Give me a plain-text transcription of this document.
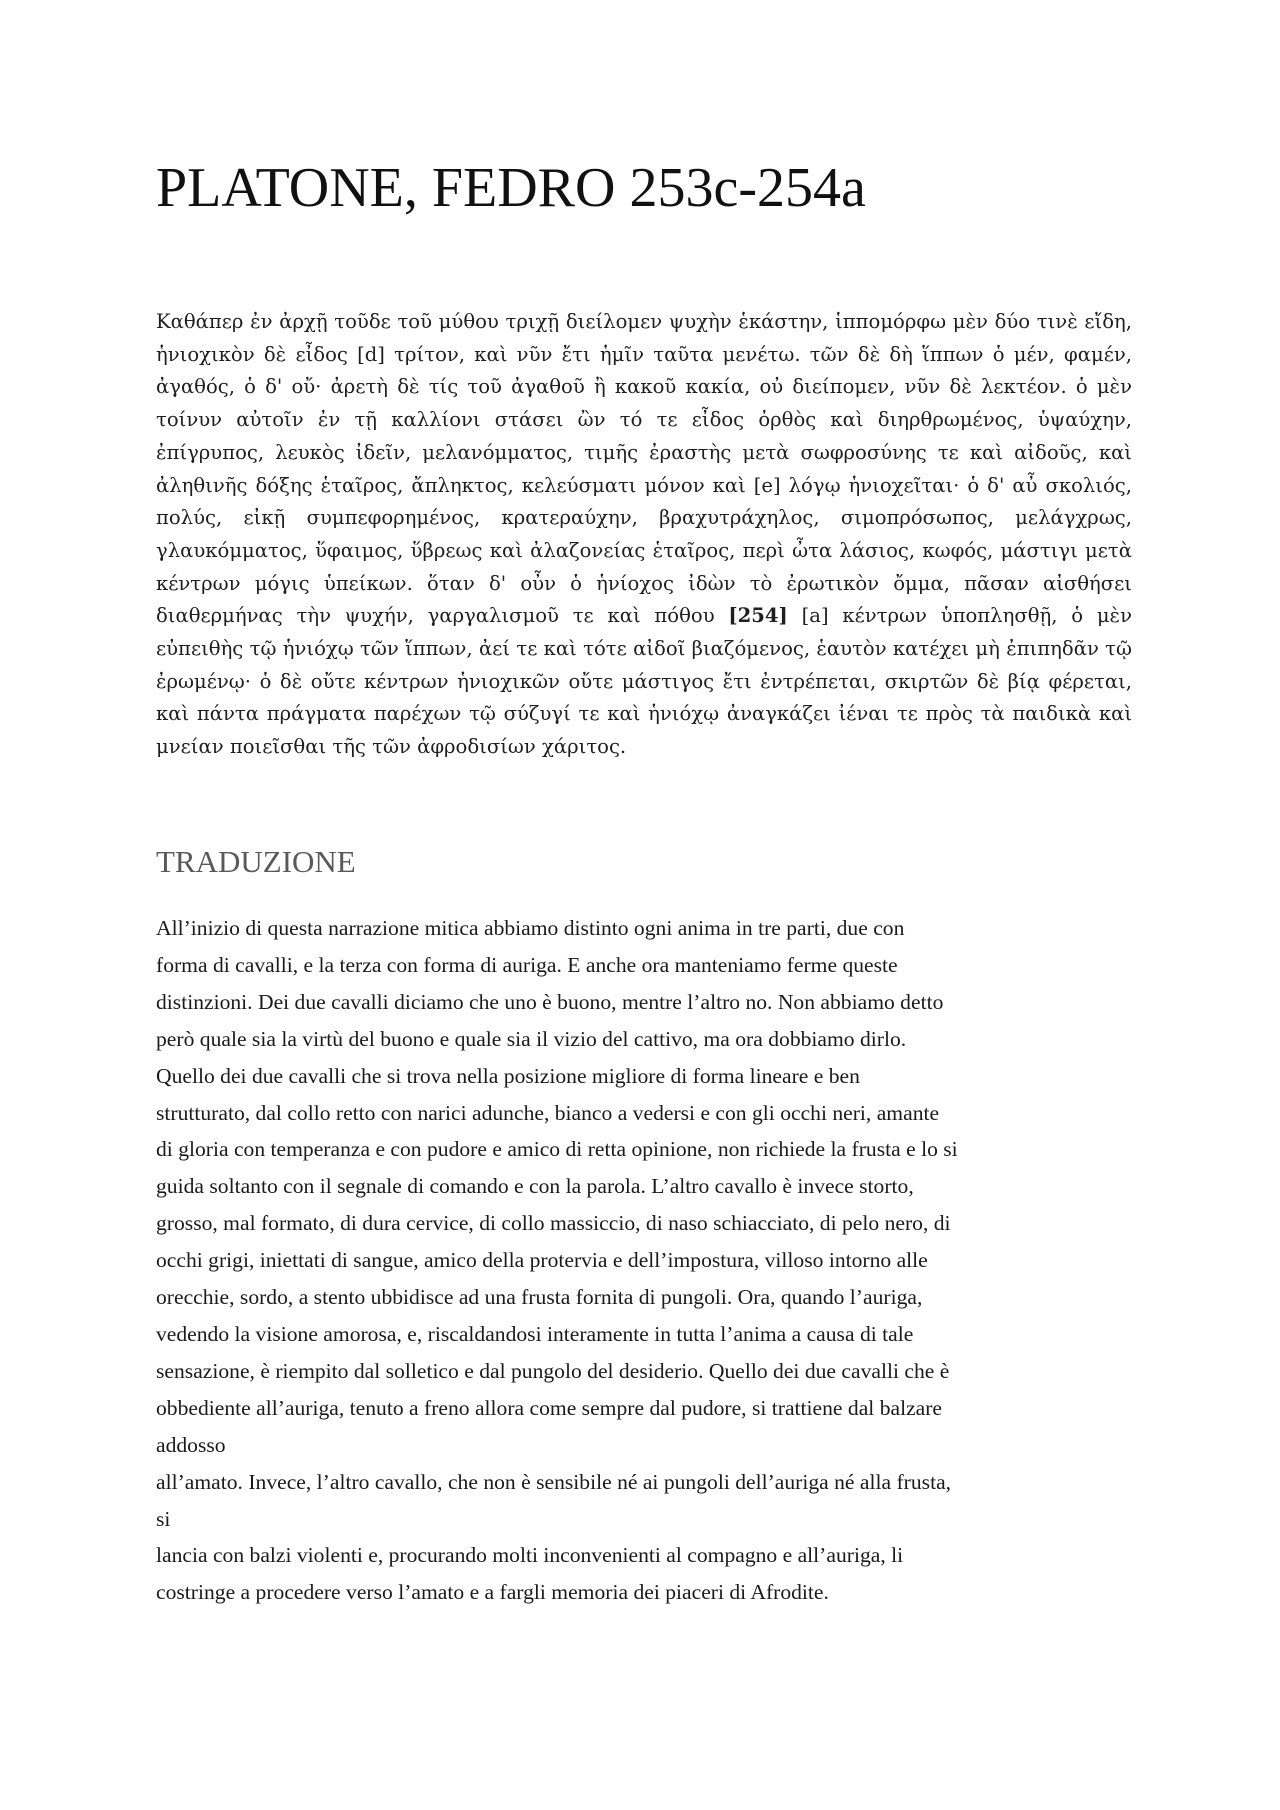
PLATONE, FEDRO 253c-254a

Καθάπερ ἐν ἀρχῇ τοῦδε τοῦ μύθου τριχῇ διείλομεν ψυχὴν ἑκάστην, ἱππομόρφω μὲν δύο τινὲ εἴδη, ἡνιοχικὸν δὲ εἶδος [d] τρίτον, καὶ νῦν ἔτι ἡμῖν ταῦτα μενέτω. τῶν δὲ δὴ ἵππων ὁ μέν, φαμέν, ἀγαθός, ὁ δ' οὔ· ἀρετὴ δὲ τίς τοῦ ἀγαθοῦ ἢ κακοῦ κακία, οὐ διείπομεν, νῦν δὲ λεκτέον. ὁ μὲν τοίνυν αὐτοῖν ἐν τῇ καλλίονι στάσει ὢν τό τε εἶδος ὀρθὸς καὶ διηρθρωμένος, ὑψαύχην, ἐπίγρυπος, λευκὸς ἰδεῖν, μελανόμματος, τιμῆς ἐραστὴς μετὰ σωφροσύνης τε καὶ αἰδοῦς, καὶ ἀληθινῆς δόξης ἑταῖρος, ἄπληκτος, κελεύσματι μόνον καὶ [e] λόγῳ ἡνιοχεῖται· ὁ δ' αὖ σκολιός, πολύς, εἰκῇ συμπεφορημένος, κρατεραύχην, βραχυτράχηλος, σιμοπρόσωπος, μελάγχρως, γλαυκόμματος, ὕφαιμος, ὕβρεως καὶ ἀλαζονείας ἑταῖρος, περὶ ὦτα λάσιος, κωφός, μάστιγι μετὰ κέντρων μόγις ὑπείκων. ὅταν δ' οὖν ὁ ἡνίοχος ἰδὼν τὸ ἐρωτικὸν ὄμμα, πᾶσαν αἰσθήσει διαθερμήνας τὴν ψυχήν, γαργαλισμοῦ τε καὶ πόθου [254] [a] κέντρων ὑποπλησθῇ, ὁ μὲν εὐπειθὴς τῷ ἡνιόχῳ τῶν ἵππων, ἀεί τε καὶ τότε αἰδοῖ βιαζόμενος, ἑαυτὸν κατέχει μὴ ἐπιπηδᾶν τῷ ἐρωμένῳ· ὁ δὲ οὔτε κέντρων ἡνιοχικῶν οὔτε μάστιγος ἔτι ἐντρέπεται, σκιρτῶν δὲ βίᾳ φέρεται, καὶ πάντα πράγματα παρέχων τῷ σύζυγί τε καὶ ἡνιόχῳ ἀναγκάζει ἰέναι τε πρὸς τὰ παιδικὰ καὶ μνείαν ποιεῖσθαι τῆς τῶν ἀφροδισίων χάριτος.

TRADUZIONE
All’inizio di questa narrazione mitica abbiamo distinto ogni anima in tre parti, due con
forma di cavalli, e la terza con forma di auriga. E anche ora manteniamo ferme queste
distinzioni. Dei due cavalli diciamo che uno è buono, mentre l’altro no. Non abbiamo detto
però quale sia la virtù del buono e quale sia il vizio del cattivo, ma ora dobbiamo dirlo.
Quello dei due cavalli che si trova nella posizione migliore di forma lineare e ben
strutturato, dal collo retto con narici adunche, bianco a vedersi e con gli occhi neri, amante
di gloria con temperanza e con pudore e amico di retta opinione, non richiede la frusta e lo si
guida soltanto con il segnale di comando e con la parola. L’altro cavallo è invece storto,
grosso, mal formato, di dura cervice, di collo massiccio, di naso schiacciato, di pelo nero, di
occhi grigi, iniettati di sangue, amico della protervia e dell’impostura, villoso intorno alle
orecchie, sordo, a stento ubbidisce ad una frusta fornita di pungoli. Ora, quando l’auriga,
vedendo la visione amorosa, e, riscaldandosi interamente in tutta l’anima a causa di tale
sensazione, è riempito dal solletico e dal pungolo del desiderio. Quello dei due cavalli che è
obbediente all’auriga, tenuto a freno allora come sempre dal pudore, si trattiene dal balzare
addosso
all’amato. Invece, l’altro cavallo, che non è sensibile né ai pungoli dell’auriga né alla frusta,
si
lancia con balzi violenti e, procurando molti inconvenienti al compagno e all’auriga, li
costringe a procedere verso l’amato e a fargli memoria dei piaceri di Afrodite.
